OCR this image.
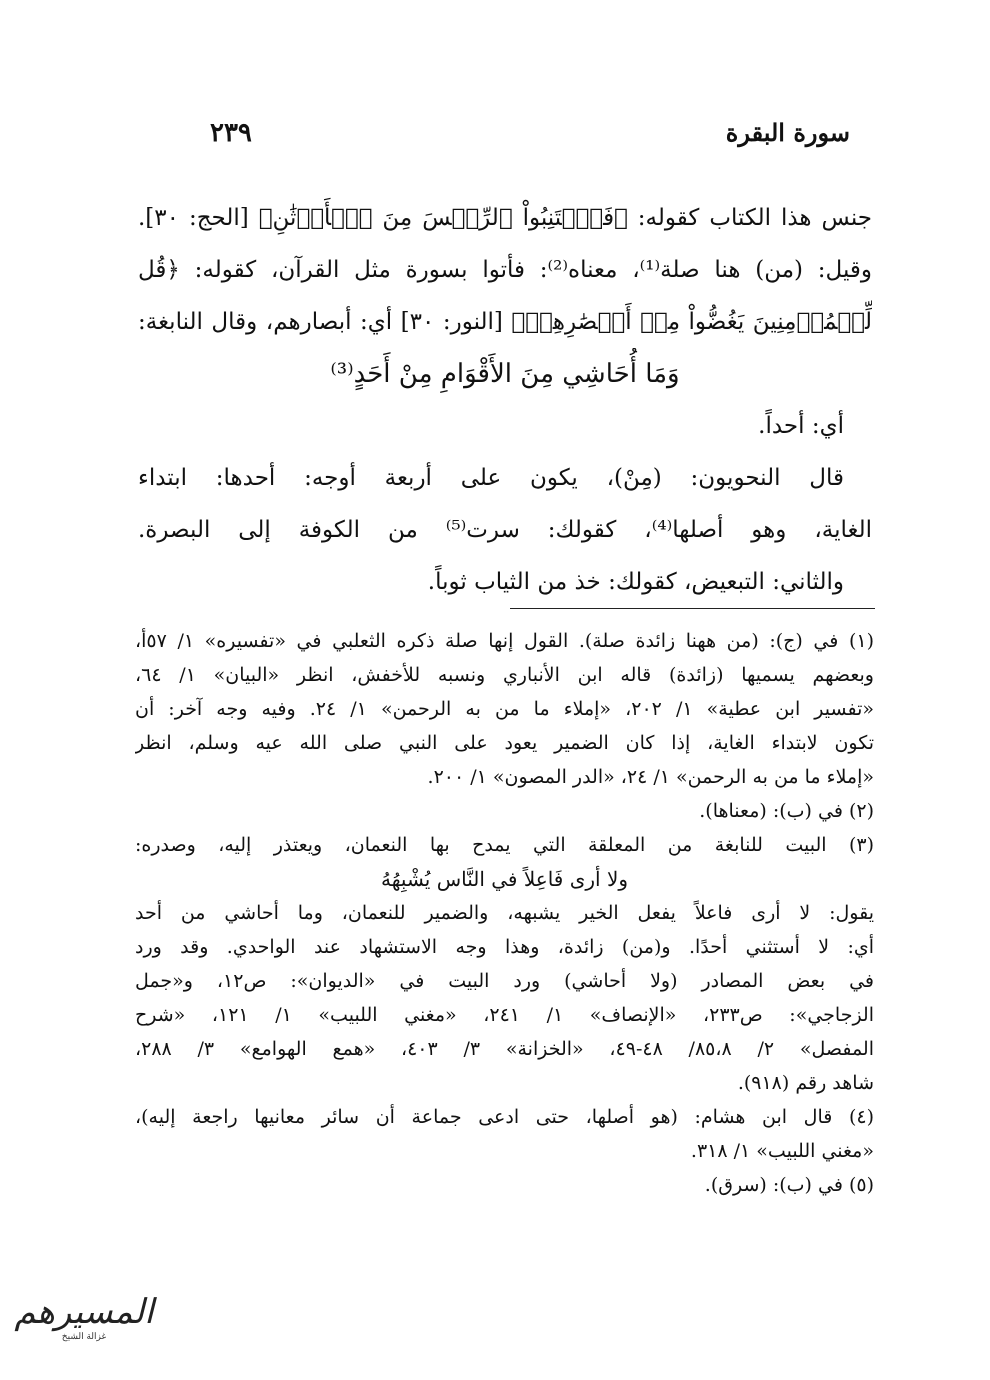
سورة البقرة
٢٣٩
جنس هذا الكتاب كقوله: ﴿فَٱجۡتَنِبُواْ ٱلرِّجۡسَ مِنَ ٱلۡأَوۡثَٰنِ﴾ [الحج: ٣٠].
وقيل: (من) هنا صلة⁽¹⁾، معناه⁽²⁾: فأتوا بسورة مثل القرآن، كقوله: ﴿قُل
لِّلۡمُؤۡمِنِينَ يَغُضُّواْ مِنۡ أَبۡصَٰرِهِمۡ﴾ [النور: ٣٠] أي: أبصارهم، وقال النابغة:
وَمَا أُحَاشِي مِنَ الأَقْوَامِ مِنْ أَحَدٍ⁽³⁾
أي: أحداً.
قال النحويون: (مِنْ)، يكون على أربعة أوجه: أحدها: ابتداء
الغاية، وهو أصلها⁽⁴⁾، كقولك: سرت⁽⁵⁾ من الكوفة إلى البصرة.
والثاني: التبعيض، كقولك: خذ من الثياب ثوباً.
(١) في (ج): (من ههنا زائدة صلة). القول إنها صلة ذكره الثعلبي في «تفسيره» ١/ ٥٧أ،
وبعضهم يسميها (زائدة) قاله ابن الأنباري ونسبه للأخفش، انظر «البيان» ١/ ٦٤،
«تفسير ابن عطية» ١/ ٢٠٢، «إملاء ما من به الرحمن» ١/ ٢٤. وفيه وجه آخر: أن
تكون لابتداء الغاية، إذا كان الضمير يعود على النبي صلى الله عيه وسلم، انظر
«إملاء ما من به الرحمن» ١/ ٢٤، «الدر المصون» ١/ ٢٠٠.
(٢) في (ب): (معناها).
(٣) البيت للنابغة من المعلقة التي يمدح بها النعمان، ويعتذر إليه، وصدره:
ولا أرى فَاعِلاً في النَّاس يُشْبِهُهُ
يقول: لا أرى فاعلاً يفعل الخير يشبهه، والضمير للنعمان، وما أحاشي من أحد
أي: لا أستثني أحدًا. و(من) زائدة، وهذا وجه الاستشهاد عند الواحدي. وقد ورد
في بعض المصادر (ولا أحاشي) ورد البيت في «الديوان»: ص١٢، و«جمل
الزجاجي»: ص٢٣٣، «الإنصاف» ١/ ٢٤١، «مغني اللبيب» ١/ ١٢١، «شرح
المفصل» ٢/ ٨٥،٨/ ٤٨-٤٩، «الخزانة» ٣/ ٤٠٣، «همع الهوامع» ٣/ ٢٨٨،
شاهد رقم (٩١٨).
(٤) قال ابن هشام: (هو أصلها، حتى ادعى جماعة أن سائر معانيها راجعة إليه)،
«مغني اللبيب» ١/ ٣١٨.
(٥) في (ب): (سرق).
المسيرهم
غزالة الشيخ
